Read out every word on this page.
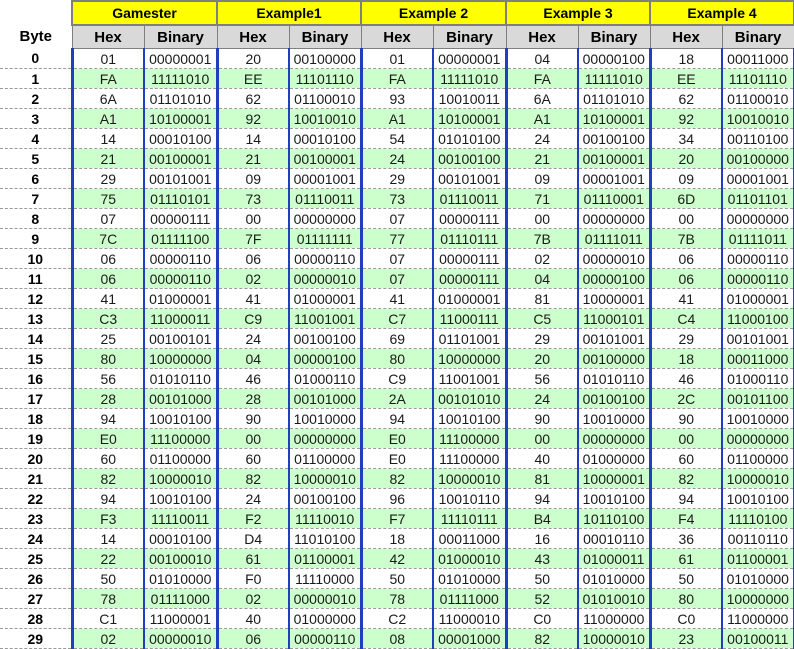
	Gamester		Example1		Example 2		Example 3		Example 4	
Byte	Hex	Binary	Hex	Binary	Hex	Binary	Hex	Binary	Hex	Binary
0	01	00000001	20	00100000	01	00000001	04	00000100	18	00011000
1	FA	11111010	EE	11101110	FA	11111010	FA	11111010	EE	11101110
2	6A	01101010	62	01100010	93	10010011	6A	01101010	62	01100010
3	A1	10100001	92	10010010	A1	10100001	A1	10100001	92	10010010
4	14	00010100	14	00010100	54	01010100	24	00100100	34	00110100
5	21	00100001	21	00100001	24	00100100	21	00100001	20	00100000
6	29	00101001	09	00001001	29	00101001	09	00001001	09	00001001
7	75	01110101	73	01110011	73	01110011	71	01110001	6D	01101101
8	07	00000111	00	00000000	07	00000111	00	00000000	00	00000000
9	7C	01111100	7F	01111111	77	01110111	7B	01111011	7B	01111011
10	06	00000110	06	00000110	07	00000111	02	00000010	06	00000110
11	06	00000110	02	00000010	07	00000111	04	00000100	06	00000110
12	41	01000001	41	01000001	41	01000001	81	10000001	41	01000001
13	C3	11000011	C9	11001001	C7	11000111	C5	11000101	C4	11000100
14	25	00100101	24	00100100	69	01101001	29	00101001	29	00101001
15	80	10000000	04	00000100	80	10000000	20	00100000	18	00011000
16	56	01010110	46	01000110	C9	11001001	56	01010110	46	01000110
17	28	00101000	28	00101000	2A	00101010	24	00100100	2C	00101100
18	94	10010100	90	10010000	94	10010100	90	10010000	90	10010000
19	E0	11100000	00	00000000	E0	11100000	00	00000000	00	00000000
20	60	01100000	60	01100000	E0	11100000	40	01000000	60	01100000
21	82	10000010	82	10000010	82	10000010	81	10000001	82	10000010
22	94	10010100	24	00100100	96	10010110	94	10010100	94	10010100
23	F3	11110011	F2	11110010	F7	11110111	B4	10110100	F4	11110100
24	14	00010100	D4	11010100	18	00011000	16	00010110	36	00110110
25	22	00100010	61	01100001	42	01000010	43	01000011	61	01100001
26	50	01010000	F0	11110000	50	01010000	50	01010000	50	01010000
27	78	01111000	02	00000010	78	01111000	52	01010010	80	10000000
28	C1	11000001	40	01000000	C2	11000010	C0	11000000	C0	11000000
29	02	00000010	06	00000110	08	00001000	82	10000010	23	00100011
